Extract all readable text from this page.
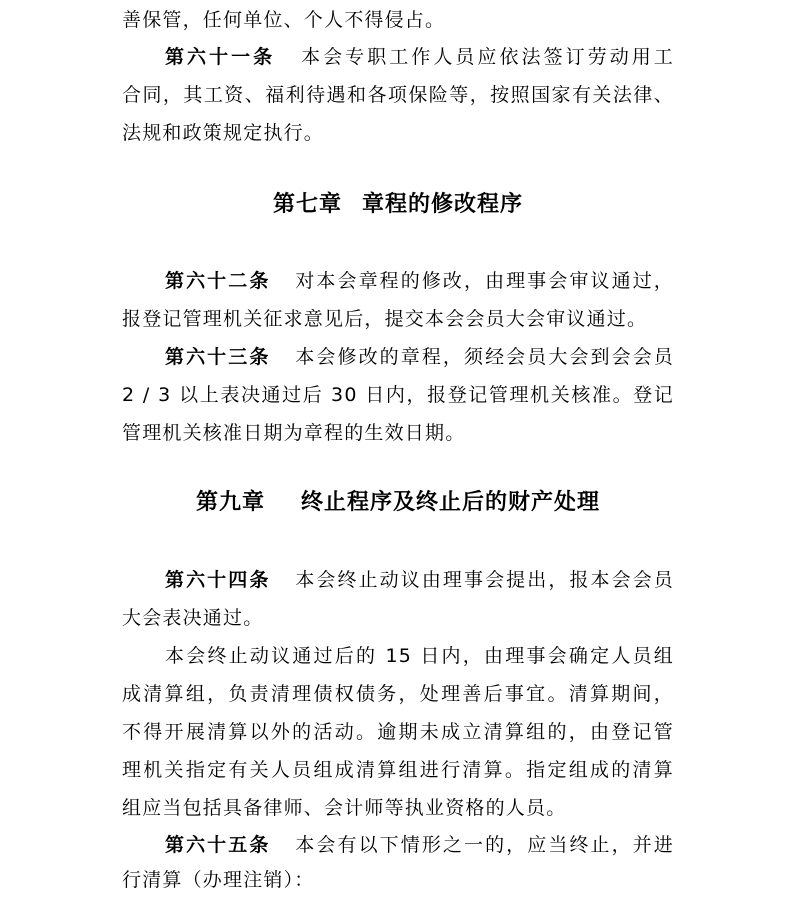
善保管，任何单位、个人不得侵占。
第六十一条 本会专职工作人员应依法签订劳动用工
合同，其工资、福利待遇和各项保险等，按照国家有关法律、
法规和政策规定执行。
第七章 章程的修改程序
第六十二条 对本会章程的修改，由理事会审议通过，
报登记管理机关征求意见后，提交本会会员大会审议通过。
第六十三条 本会修改的章程，须经会员大会到会会员
2 / 3 以上表决通过后 30 日内，报登记管理机关核准。登记
管理机关核准日期为章程的生效日期。
第九章 终止程序及终止后的财产处理
第六十四条 本会终止动议由理事会提出，报本会会员
大会表决通过。
本会终止动议通过后的 15 日内，由理事会确定人员组
成清算组，负责清理债权债务，处理善后事宜。清算期间，
不得开展清算以外的活动。逾期未成立清算组的，由登记管
理机关指定有关人员组成清算组进行清算。指定组成的清算
组应当包括具备律师、会计师等执业资格的人员。
第六十五条 本会有以下情形之一的，应当终止，并进
行清算（办理注销）：
